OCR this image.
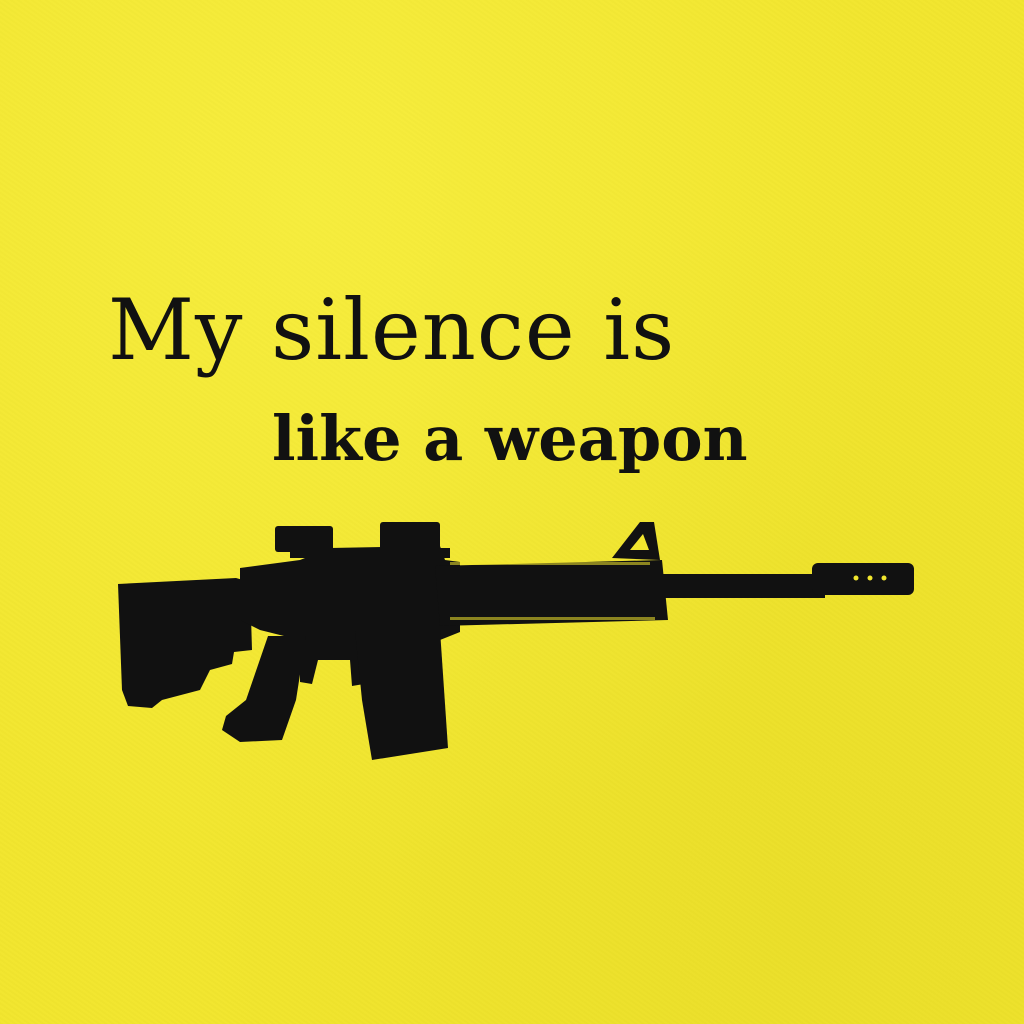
My silence is
like a weapon
